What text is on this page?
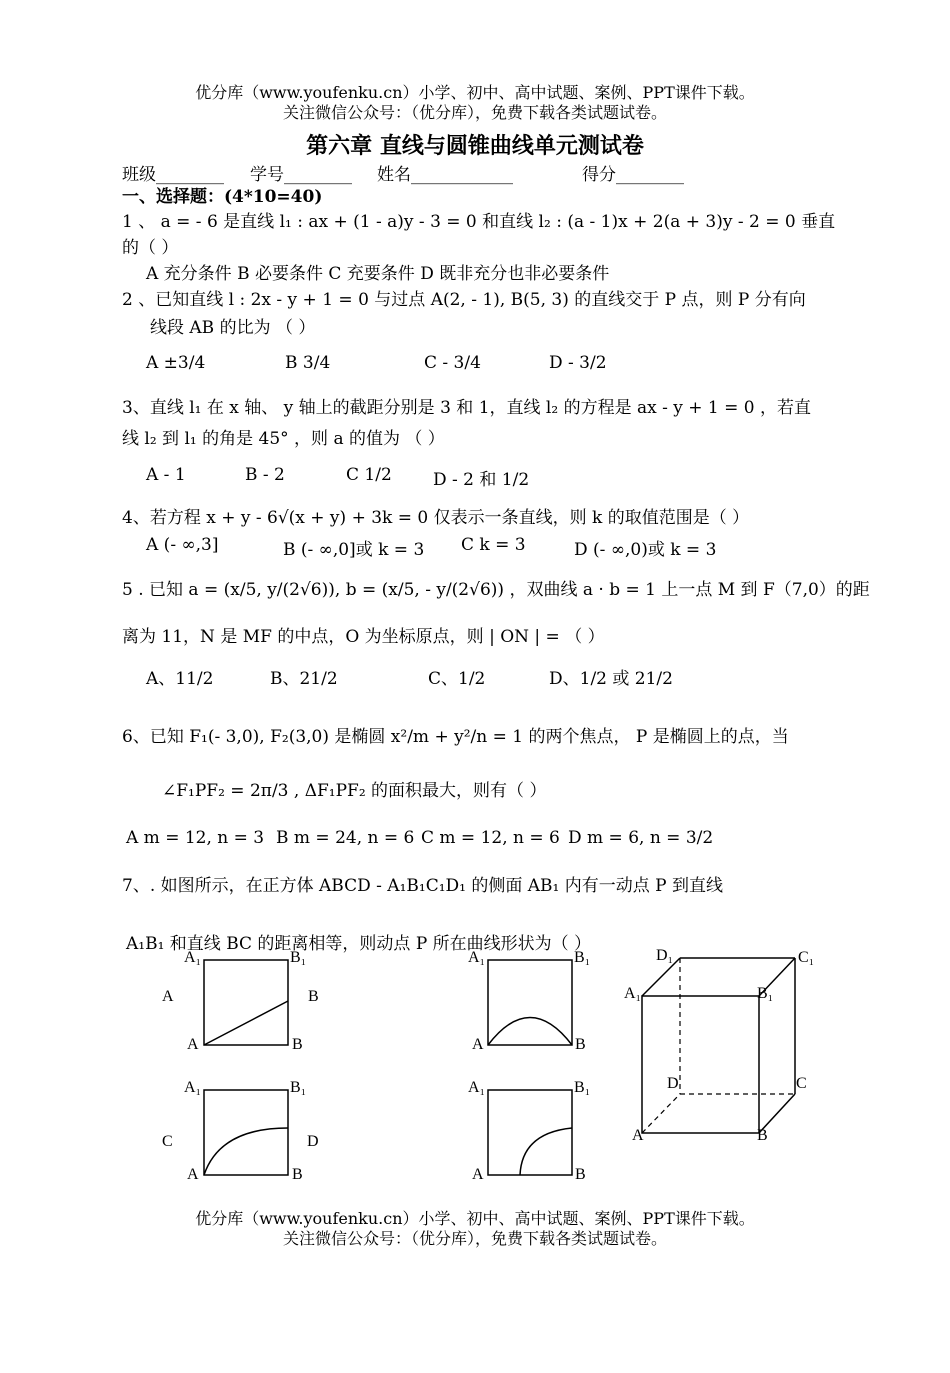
优分库（www.youfenku.cn）小学、初中、高中试题、案例、PPT课件下载。
关注微信公众号：（优分库），免费下载各类试题试卷。
第六章 直线与圆锥曲线单元测试卷
班级________ 学号________ 姓名____________	得分________
一、选择题：(4*10=40)
1 、 a = - 6 是直线 l₁ : ax + (1 - a)y - 3 = 0 和直线 l₂ : (a - 1)x + 2(a + 3)y - 2 = 0 垂直
的（ ）
A 充分条件 B 必要条件 C 充要条件 D 既非充分也非必要条件
2 、已知直线 l : 2x - y + 1 = 0 与过点 A(2, - 1), B(5, 3) 的直线交于 P 点，则 P 分有向
线段 AB 的比为 （ ）
A ±3/4	B 3/4	C - 3/4	D - 3/2
3、直线 l₁ 在 x 轴、 y 轴上的截距分别是 3 和 1，直线 l₂ 的方程是 ax - y + 1 = 0 ，若直
线 l₂ 到 l₁ 的角是 45° ，则 a 的值为 （ ）
A - 1	B - 2	C 1/2 D - 2 和 1/2
4、若方程 x + y - 6√(x + y) + 3k = 0 仅表示一条直线，则 k 的取值范围是（ ）
A (- ∞,3]	B (- ∞,0]或 k = 3 C k = 3	D (- ∞,0)或 k = 3
5 . 已知 a = (x/5, y/(2√6)), b = (x/5, - y/(2√6)) ，双曲线 a · b = 1 上一点 M 到 F（7,0）的距
离为 11，N 是 MF 的中点，O 为坐标原点，则 | ON | = （ ）
A、11/2	B、21/2	C、1/2	D、1/2 或 21/2
6、已知 F₁(- 3,0), F₂(3,0) 是椭圆 x²/m + y²/n = 1 的两个焦点， P 是椭圆上的点，当
∠F₁PF₂ = 2π/3 , ΔF₁PF₂ 的面积最大，则有（ ）
A m = 12, n = 3 B m = 24, n = 6 C m = 12, n = 6 D m = 6, n = 3/2
7、. 如图所示，在正方体 ABCD - A₁B₁C₁D₁ 的侧面 AB₁ 内有一动点 P 到直线
A₁B₁ 和直线 BC 的距离相等，则动点 P 所在曲线形状为（ ）
A
A₁	B₁
A	B
B
A₁	B₁
A	B
C
A₁	B₁
A	B
D
A₁	B₁
A	B
D₁	C₁
A₁	B₁
D	C
A	B
优分库（www.youfenku.cn）小学、初中、高中试题、案例、PPT课件下载。
关注微信公众号：（优分库），免费下载各类试题试卷。
